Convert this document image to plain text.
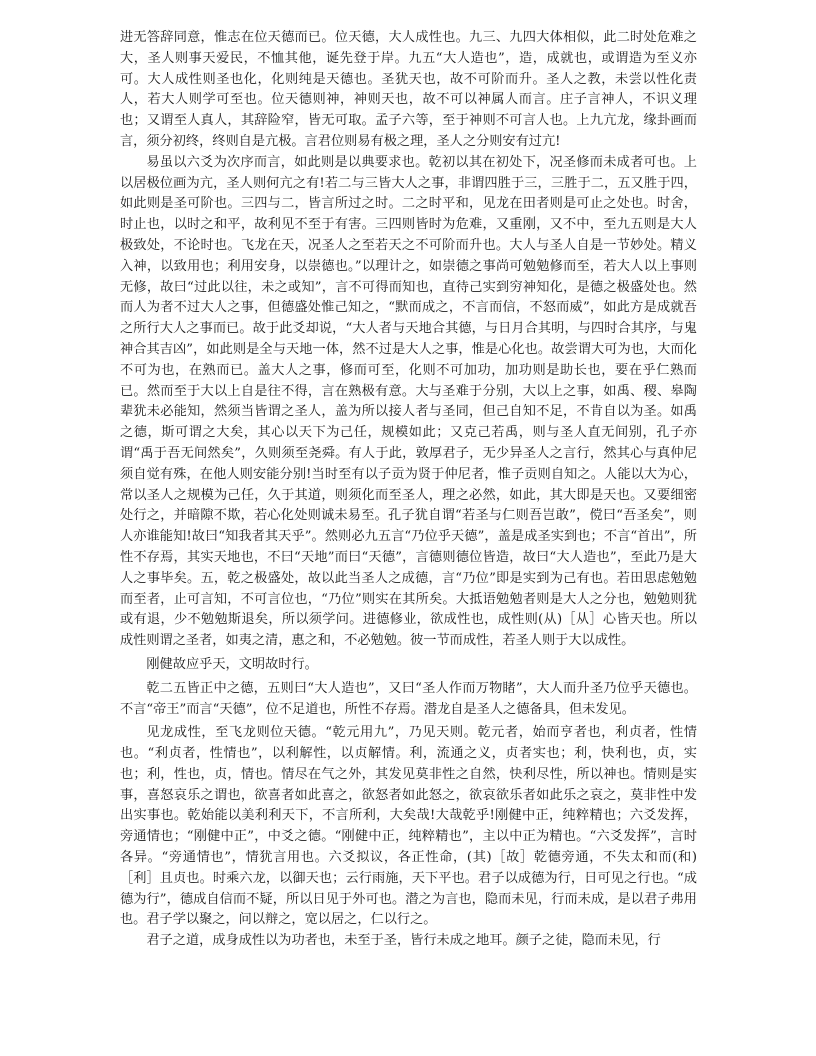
进无答辞同意，惟志在位天德而已。位天德，大人成性也。九三、九四大体相似，此二时处危难之大，圣人则事天爱民，不恤其他，诞先登于岸。九五“大人造也”，造，成就也，或谓造为至义亦可。大人成性则圣也化，化则纯是天德也。圣犹天也，故不可阶而升。圣人之教，未尝以性化责人，若大人则学可至也。位天德则神，神则天也，故不可以神属人而言。庄子言神人，不识义理也；又谓至人真人，其辞险窄，皆无可取。孟子六等，至于神则不可言人也。上九亢龙，缘卦画而言，须分初终，终则自是亢极。言君位则易有极之理，圣人之分则安有过亢!

易虽以六爻为次序而言，如此则是以典要求也。乾初以其在初处下，况圣修而未成者可也。上以居极位画为亢，圣人则何亢之有!若二与三皆大人之事，非谓四胜于三，三胜于二，五又胜于四，如此则是圣可阶也。三四与二，皆言所过之时。二之时平和，见龙在田者则是可止之处也。时舍，时止也，以时之和平，故利见不至于有害。三四则皆时为危难，又重刚，又不中，至九五则是大人极致处，不论时也。飞龙在天，况圣人之至若天之不可阶而升也。大人与圣人自是一节妙处。精义入神，以致用也；利用安身，以崇德也。”以理计之，如崇德之事尚可勉勉修而至，若大人以上事则无修，故曰“过此以往，未之或知”，言不可得而知也，直待己实到穷神知化，是德之极盛处也。然而人为者不过大人之事，但德盛处惟己知之，“默而成之，不言而信，不怒而威”，如此方是成就吾之所行大人之事而已。故于此爻却说，“大人者与天地合其德，与日月合其明，与四时合其序，与鬼神合其吉凶”，如此则是全与天地一体，然不过是大人之事，惟是心化也。故尝谓大可为也，大而化不可为也，在熟而已。盖大人之事，修而可至，化则不可加功，加功则是助长也，要在乎仁熟而已。然而至于大以上自是往不得，言在熟极有意。大与圣难于分别，大以上之事，如禹、稷、皋陶辈犹未必能知，然须当皆谓之圣人，盖为所以接人者与圣同，但己自知不足，不肯自以为圣。如禹之德，斯可谓之大矣，其心以天下为己任，规模如此；又克己若禹，则与圣人直无间别，孔子亦谓“禹于吾无间然矣”，久则须至尧舜。有人于此，敦厚君子，无少异圣人之言行，然其心与真仲尼须自觉有殊，在他人则安能分别!当时至有以子贡为贤于仲尼者，惟子贡则自知之。人能以大为心，常以圣人之规模为己任，久于其道，则须化而至圣人，理之必然，如此，其大即是天也。又要细密处行之，并暗隙不欺，若心化处则诚未易至。孔子犹自谓“若圣与仁则吾岂敢”，傥曰“吾圣矣”，则人亦谁能知!故曰“知我者其天乎”。然则必九五言“乃位乎天德”，盖是成圣实到也；不言“首出”，所性不存焉，其实天地也，不曰“天地”而曰“天德”，言德则德位皆造，故曰“大人造也”，至此乃是大人之事毕矣。五，乾之极盛处，故以此当圣人之成德，言“乃位”即是实到为己有也。若田思虑勉勉而至者，止可言知，不可言位也，“乃位”则实在其所矣。大抵语勉勉者则是大人之分也，勉勉则犹或有退，少不勉勉斯退矣，所以须学问。进德修业，欲成性也，成性则(从)［从］心皆天也。所以成性则谓之圣者，如夷之清，惠之和，不必勉勉。彼一节而成性，若圣人则于大以成性。

刚健故应乎天，文明故时行。

乾二五皆正中之德，五则曰“大人造也”，又曰“圣人作而万物睹”，大人而升圣乃位乎天德也。不言“帝王”而言“天德”，位不足道也，所性不存焉。潜龙自是圣人之德备具，但未发见。

见龙成性，至飞龙则位天德。“乾元用九”，乃见天则。乾元者，始而亨者也，利贞者，性情也。“利贞者，性情也”，以利解性，以贞解情。利，流通之义，贞者实也；利，快利也，贞，实也；利，性也，贞，情也。情尽在气之外，其发见莫非性之自然，快利尽性，所以神也。情则是实事，喜怒哀乐之谓也，欲喜者如此喜之，欲怒者如此怒之，欲哀欲乐者如此乐之哀之，莫非性中发出实事也。乾始能以美利利天下，不言所利，大矣哉!大哉乾乎!刚健中正，纯粹精也；六爻发挥，旁通情也；“刚健中正”，中爻之德。“刚健中正，纯粹精也”，主以中正为精也。“六爻发挥”，言时各异。“旁通情也”，情犹言用也。六爻拟议，各正性命，(其)［故］乾德旁通，不失太和而(和)［利］且贞也。时乘六龙，以御天也；云行雨施，天下平也。君子以成德为行，日可见之行也。“成德为行”，德成自信而不疑，所以日见于外可也。潜之为言也，隐而未见，行而未成，是以君子弗用也。君子学以聚之，问以辩之，宽以居之，仁以行之。

君子之道，成身成性以为功者也，未至于圣，皆行未成之地耳。颜子之徒，隐而未见，行
